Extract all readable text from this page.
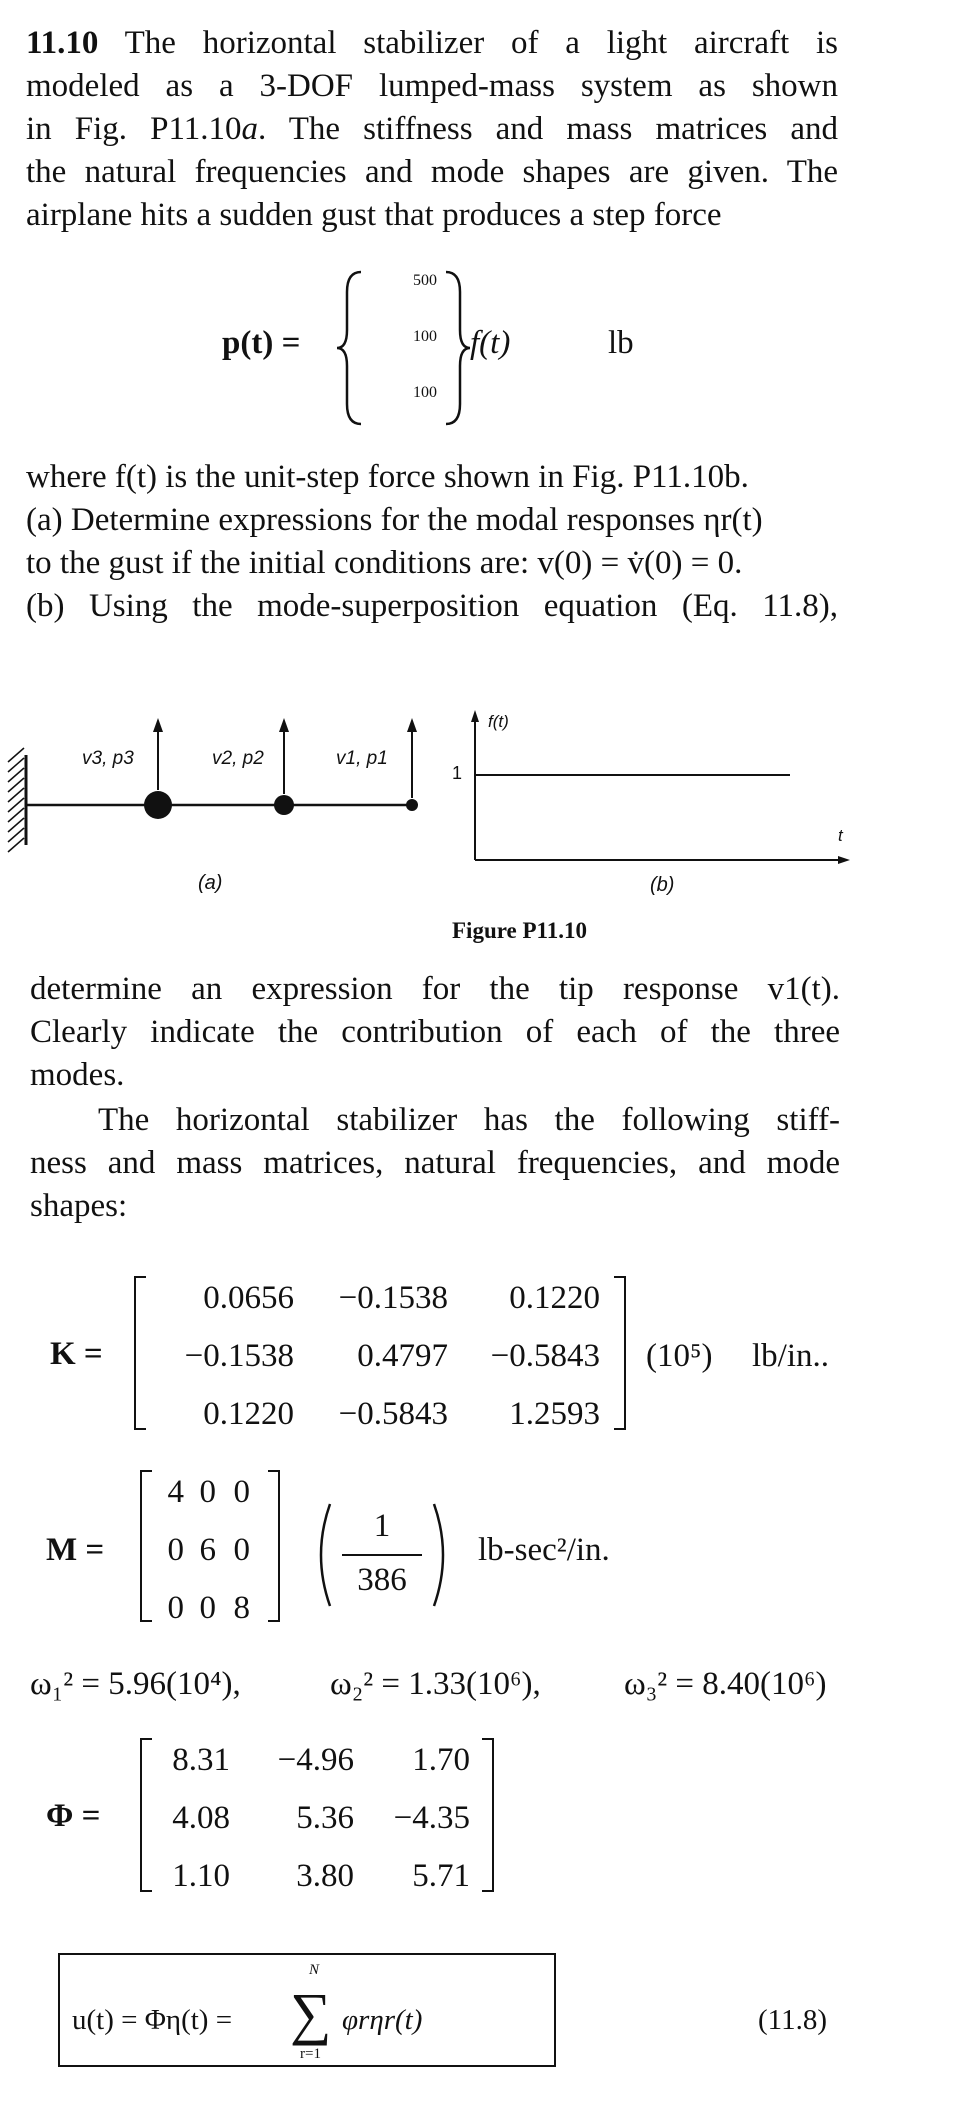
11.10 The horizontal stabilizer of a light aircraft is
modeled as a 3-DOF lumped-mass system as shown
in Fig. P11.10a. The stiffness and mass matrices and
the natural frequencies and mode shapes are given. The
airplane hits a sudden gust that produces a step force
p(t) =
500
100
100
f(t)	lb
where f(t) is the unit-step force shown in Fig. P11.10b.
(a) Determine expressions for the modal responses ηr(t)
to the gust if the initial conditions are: v(0) = v̇(0) = 0.
(b) Using the mode-superposition equation (Eq. 11.8),
v3, p3	v2, p2	v1, p1
f(t)
1
t
(a)	(b)
Figure P11.10
determine an expression for the tip response v1(t).
Clearly indicate the contribution of each of the three
modes.
The horizontal stabilizer has the following stiff-
ness and mass matrices, natural frequencies, and mode
shapes:
K =
0.0656	−0.1538	0.1220
−0.1538	0.4797	−0.5843
0.1220	−0.5843	1.2593
(10⁵) lb/in..
M =
4 0 0
0 6 0
0 0 8
1
386
lb-sec²/in.
ω₁² = 5.96(10⁴),	ω₂² = 1.33(10⁶),	ω₃² = 8.40(10⁶)
Φ =
8.31	−4.96	1.70
4.08	5.36	−4.35
1.10	3.80	5.71
u(t) = Φη(t) =
N
∑
r=1
φrηr(t)	(11.8)
